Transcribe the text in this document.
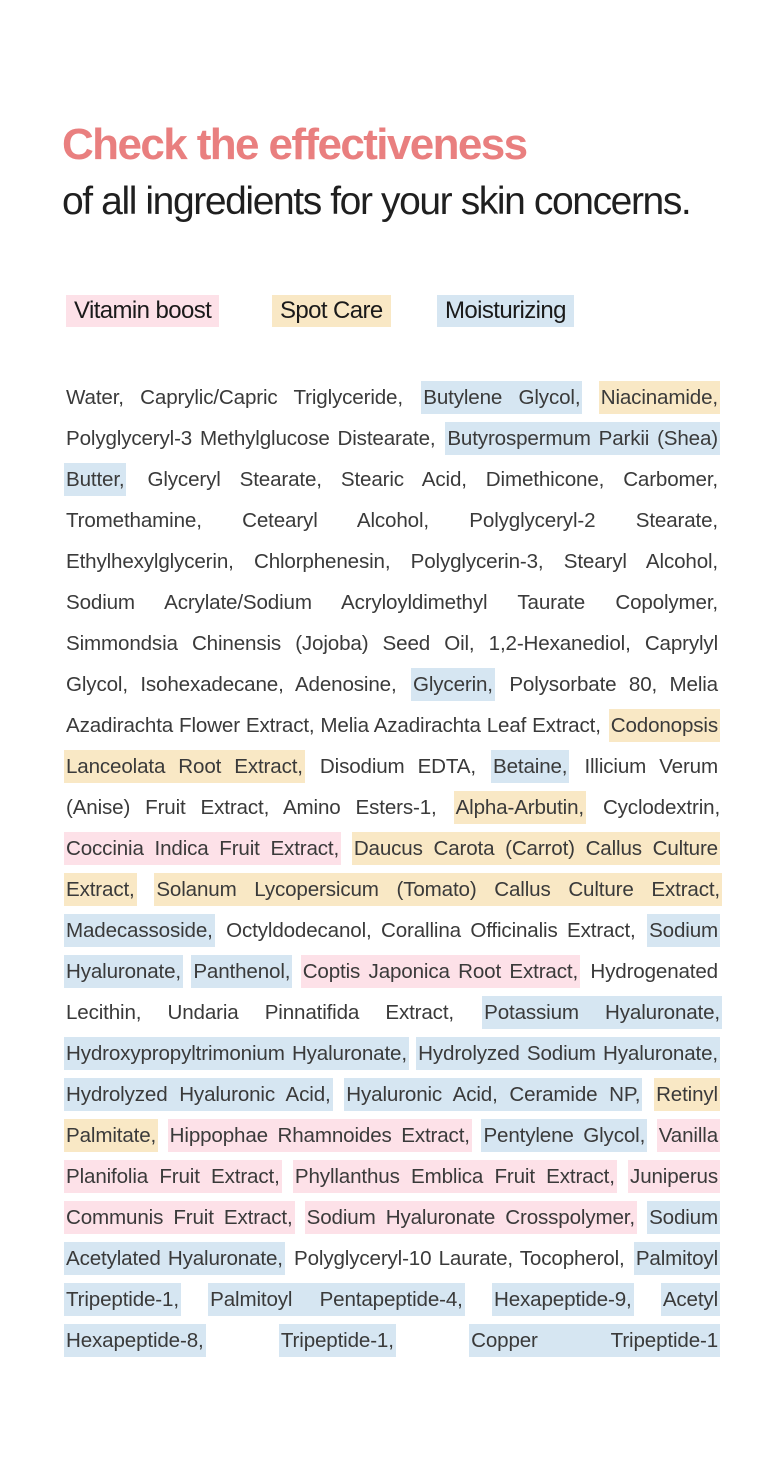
Check the effectiveness
of all ingredients for your skin concerns.
Vitamin boost	Spot Care	Moisturizing
Water, Caprylic/Capric Triglyceride, Butylene Glycol, Niacinamide, Polyglyceryl-3 Methylglucose Distearate, Butyrospermum Parkii (Shea) Butter, Glyceryl Stearate, Stearic Acid, Dimethicone, Carbomer, Tromethamine, Cetearyl Alcohol, Polyglyceryl-2 Stearate, Ethylhexylglycerin, Chlorphenesin, Polyglycerin-3, Stearyl Alcohol, Sodium Acrylate/Sodium Acryloyldimethyl Taurate Copolymer, Simmondsia Chinensis (Jojoba) Seed Oil, 1,2-Hexanediol, Caprylyl Glycol, Isohexadecane, Adenosine, Glycerin, Polysorbate 80, Melia Azadirachta Flower Extract, Melia Azadirachta Leaf Extract, Codonopsis Lanceolata Root Extract, Disodium EDTA, Betaine, Illicium Verum (Anise) Fruit Extract, Amino Esters-1, Alpha-Arbutin, Cyclodextrin, Coccinia Indica Fruit Extract, Daucus Carota (Carrot) Callus Culture Extract, Solanum Lycopersicum (Tomato) Callus Culture Extract, Madecassoside, Octyldodecanol, Corallina Officinalis Extract, Sodium Hyaluronate, Panthenol, Coptis Japonica Root Extract, Hydrogenated Lecithin, Undaria Pinnatifida Extract, Potassium Hyaluronate, Hydroxypropyltrimonium Hyaluronate, Hydrolyzed Sodium Hyaluronate, Hydrolyzed Hyaluronic Acid, Hyaluronic Acid, Ceramide NP, Retinyl Palmitate, Hippophae Rhamnoides Extract, Pentylene Glycol, Vanilla Planifolia Fruit Extract, Phyllanthus Emblica Fruit Extract, Juniperus Communis Fruit Extract, Sodium Hyaluronate Crosspolymer, Sodium Acetylated Hyaluronate, Polyglyceryl-10 Laurate, Tocopherol, Palmitoyl Tripeptide-1, Palmitoyl Pentapeptide-4, Hexapeptide-9, Acetyl Hexapeptide-8,	Tripeptide-1,	Copper Tripeptide-1
